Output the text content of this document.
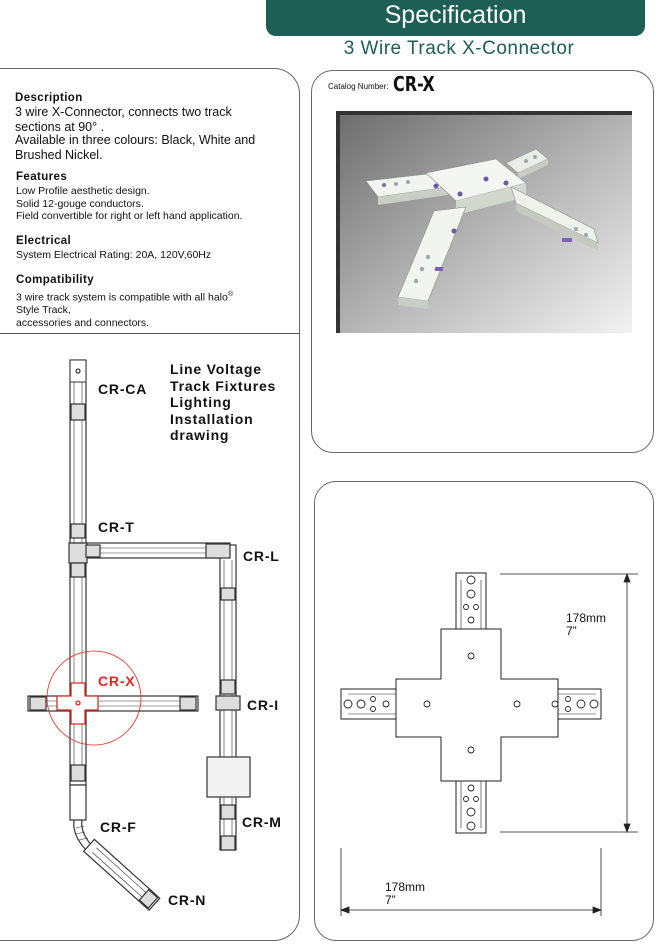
Specification
3 Wire Track X-Connector
Description
3 wire X-Connector, connects two track
sections at 90° .
Available in three colours: Black, White and
Brushed Nickel.
Features
Low Profile aesthetic design.
Solid 12-gouge conductors.
Field convertible for right or left hand application.
Electrical
System Electrical Rating: 20A, 120V,60Hz
Compatibility
3 wire track system is compatible with all halo®
Style Track,
accessories and connectors.
Line Voltage
Track Fixtures
Lighting
Installation
drawing
CR-CA
CR-T
CR-L
CR-X
CR-I
CR-M
CR-F
CR-N
Catalog Number: CR-X
178mm
7”
178mm
7”
